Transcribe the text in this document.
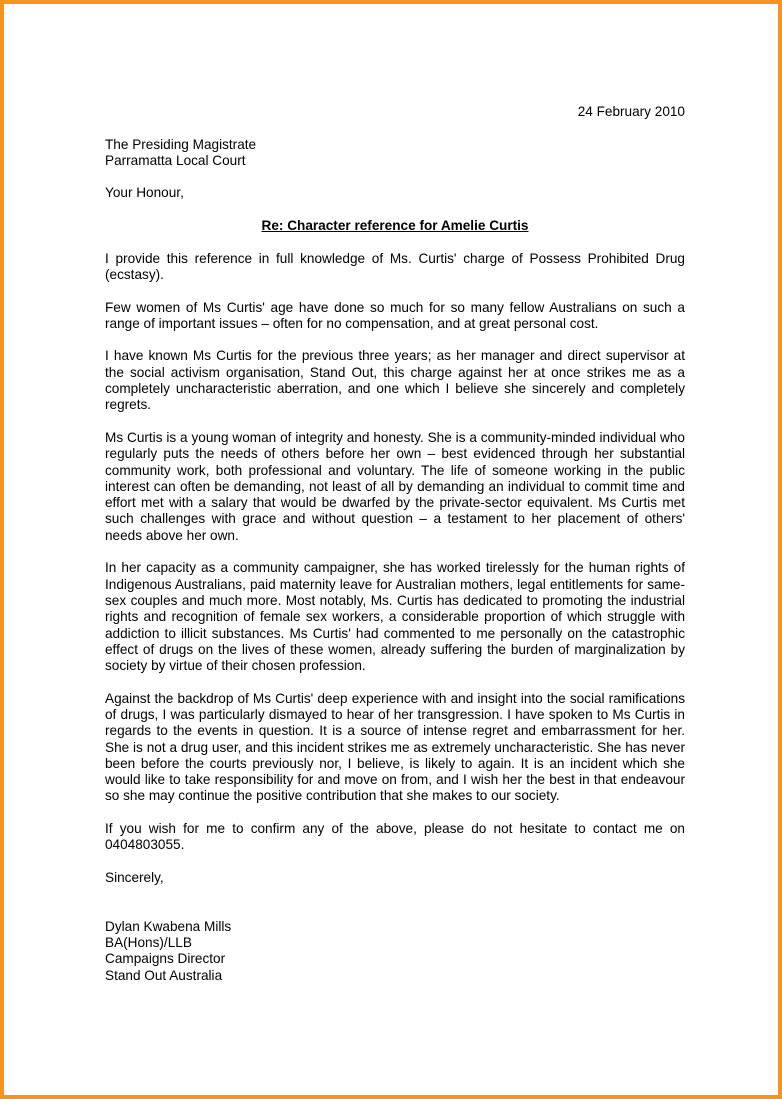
24 February 2010

The Presiding Magistrate
Parramatta Local Court

Your Honour,

Re: Character reference for Amelie Curtis

I provide this reference in full knowledge of Ms. Curtis' charge of Possess Prohibited Drug (ecstasy).

Few women of Ms Curtis' age have done so much for so many fellow Australians on such a range of important issues – often for no compensation, and at great personal cost.

I have known Ms Curtis for the previous three years; as her manager and direct supervisor at the social activism organisation, Stand Out, this charge against her at once strikes me as a completely uncharacteristic aberration, and one which I believe she sincerely and completely regrets.

Ms Curtis is a young woman of integrity and honesty. She is a community-minded individual who regularly puts the needs of others before her own – best evidenced through her substantial community work, both professional and voluntary. The life of someone working in the public interest can often be demanding, not least of all by demanding an individual to commit time and effort met with a salary that would be dwarfed by the private-sector equivalent. Ms Curtis met such challenges with grace and without question – a testament to her placement of others' needs above her own.

In her capacity as a community campaigner, she has worked tirelessly for the human rights of Indigenous Australians, paid maternity leave for Australian mothers, legal entitlements for same-sex couples and much more. Most notably, Ms. Curtis has dedicated to promoting the industrial rights and recognition of female sex workers, a considerable proportion of which struggle with addiction to illicit substances. Ms Curtis' had commented to me personally on the catastrophic effect of drugs on the lives of these women, already suffering the burden of marginalization by society by virtue of their chosen profession.

Against the backdrop of Ms Curtis' deep experience with and insight into the social ramifications of drugs, I was particularly dismayed to hear of her transgression. I have spoken to Ms Curtis in regards to the events in question. It is a source of intense regret and embarrassment for her. She is not a drug user, and this incident strikes me as extremely uncharacteristic. She has never been before the courts previously nor, I believe, is likely to again. It is an incident which she would like to take responsibility for and move on from, and I wish her the best in that endeavour so she may continue the positive contribution that she makes to our society.

If you wish for me to confirm any of the above, please do not hesitate to contact me on 0404803055.

Sincerely,

Dylan Kwabena Mills
BA(Hons)/LLB
Campaigns Director
Stand Out Australia
